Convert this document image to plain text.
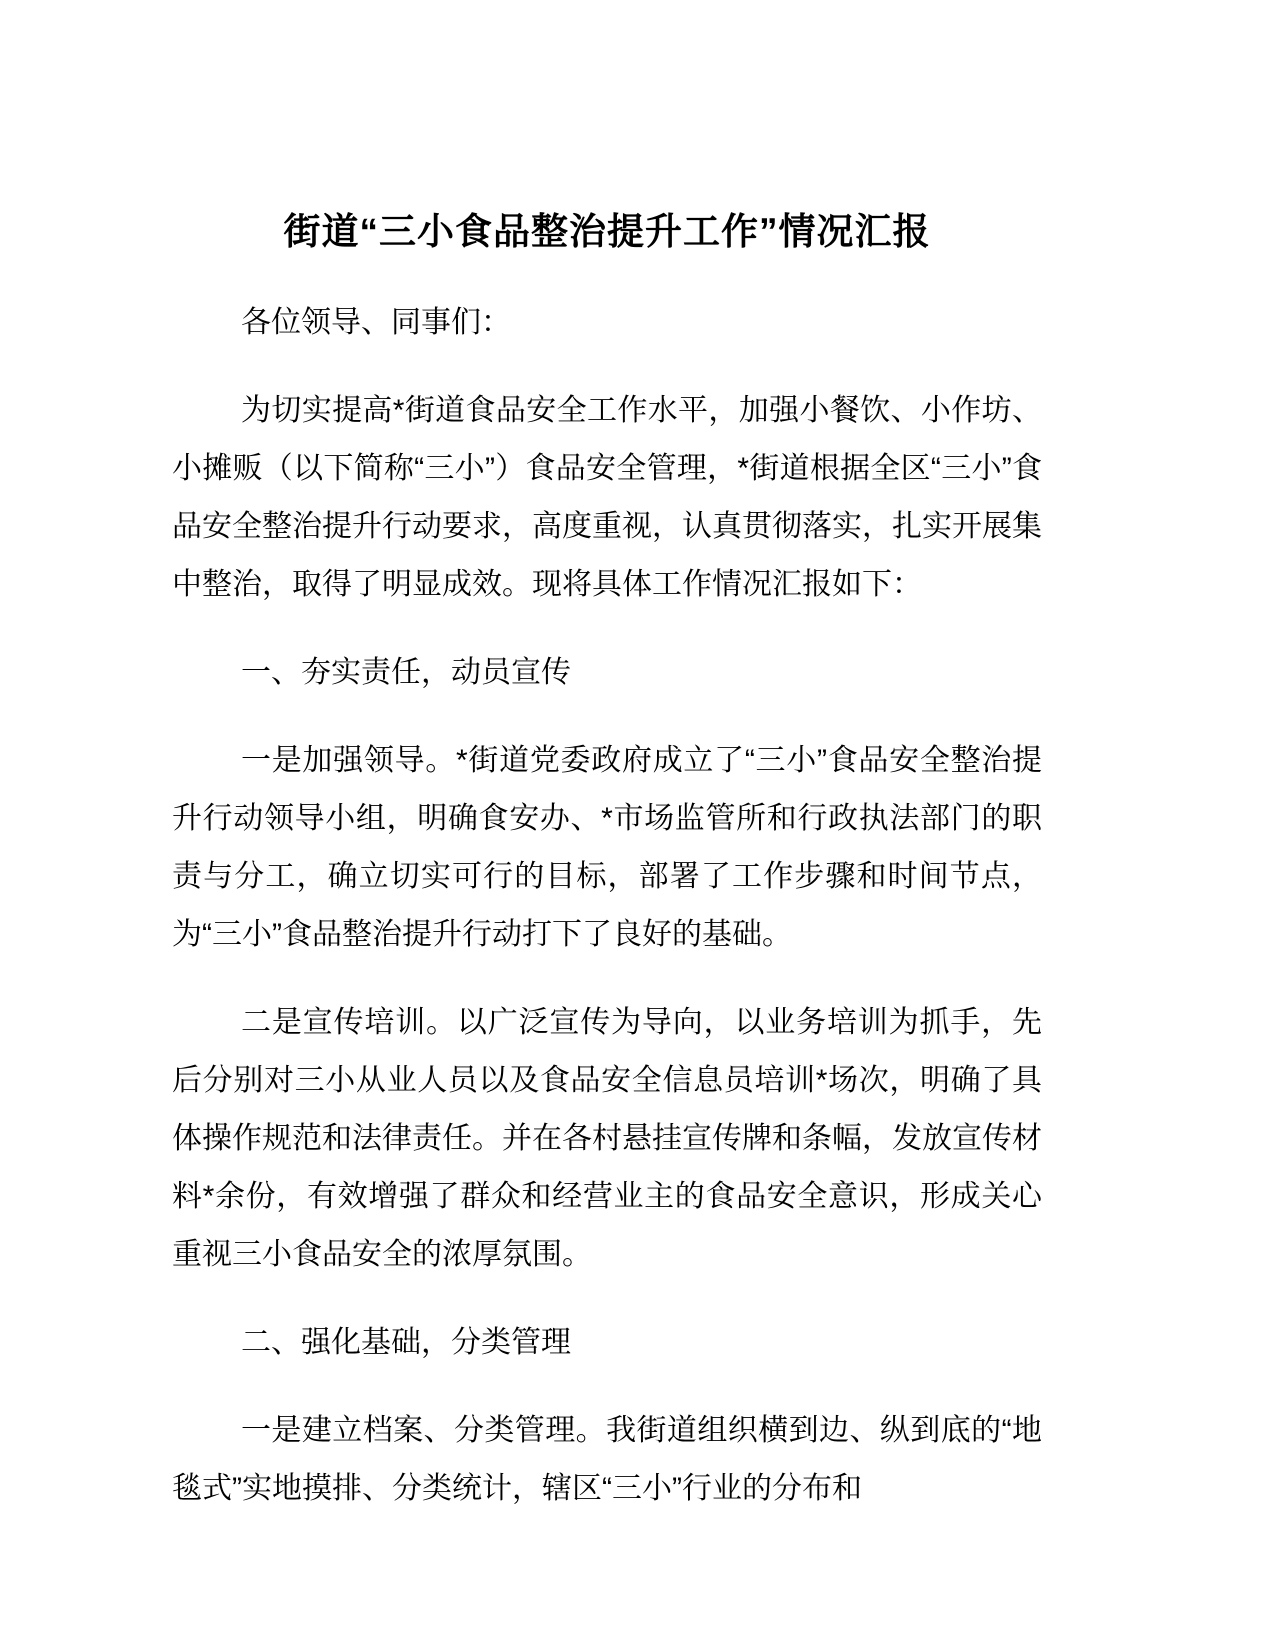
街道“三小食品整治提升工作”情况汇报

各位领导、同事们：

为切实提高*街道食品安全工作水平，加强小餐饮、小作坊、小摊贩（以下简称“三小”）食品安全管理，*街道根据全区“三小”食品安全整治提升行动要求，高度重视，认真贯彻落实，扎实开展集中整治，取得了明显成效。现将具体工作情况汇报如下：

一、夯实责任，动员宣传

一是加强领导。*街道党委政府成立了“三小”食品安全整治提升行动领导小组，明确食安办、*市场监管所和行政执法部门的职责与分工，确立切实可行的目标，部署了工作步骤和时间节点，为“三小”食品整治提升行动打下了良好的基础。

二是宣传培训。以广泛宣传为导向，以业务培训为抓手，先后分别对三小从业人员以及食品安全信息员培训*场次，明确了具体操作规范和法律责任。并在各村悬挂宣传牌和条幅，发放宣传材料*余份，有效增强了群众和经营业主的食品安全意识，形成关心重视三小食品安全的浓厚氛围。

二、强化基础，分类管理

一是建立档案、分类管理。我街道组织横到边、纵到底的“地毯式”实地摸排、分类统计，辖区“三小”行业的分布和
